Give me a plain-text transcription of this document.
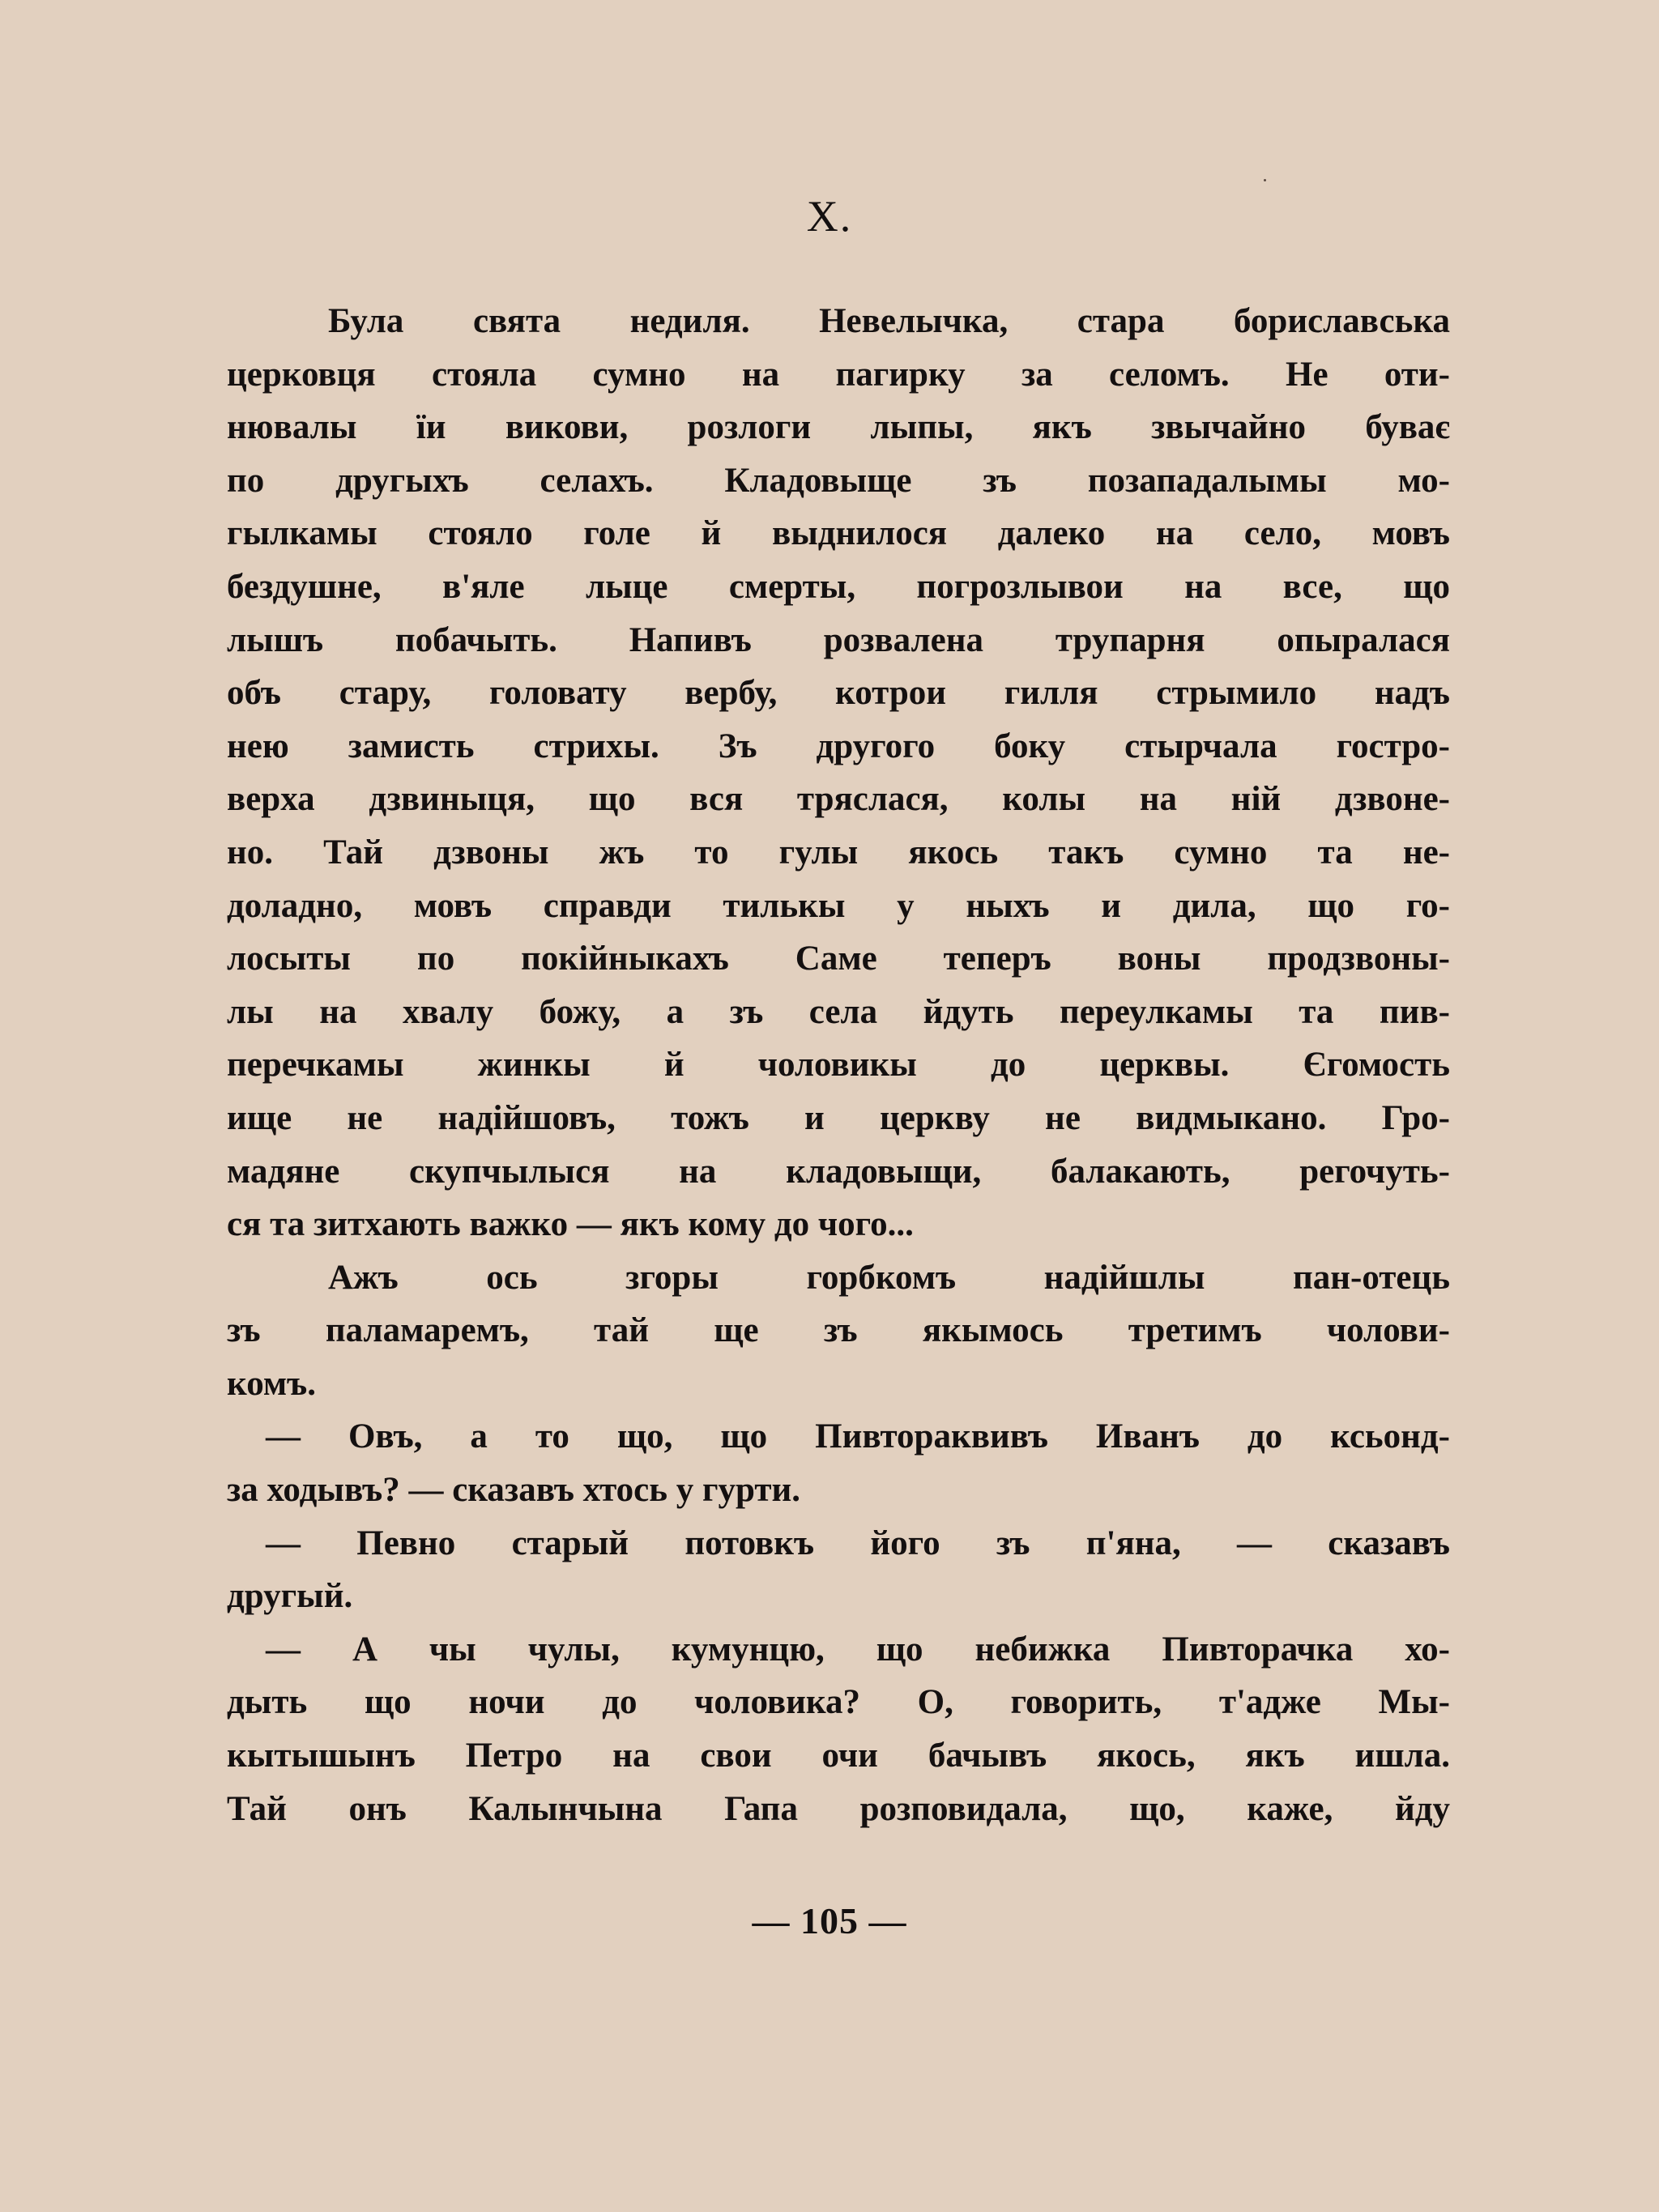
X.
Була свята недиля. Невелычка, стара бориславська
церковця стояла сумно на пагирку за селомъ. Не оти-
нювалы їи викови, розлоги лыпы, якъ звычайно буває
по другыхъ селахъ. Кладовыще зъ позападалымы мо-
гылкамы стояло голе й выднилося далеко на село, мовъ
бездушне, в'яле лыце смерты, погрозлывои на все, що
лышъ побачыть. Напивъ розвалена трупарня опыралася
объ стару, головату вербу, котрои гилля стрымило надъ
нею замисть стрихы. Зъ другого боку стырчала гостро-
верха дзвиныця, що вся тряслася, колы на ній дзвоне-
но. Тай дзвоны жъ то гулы якось такъ сумно та не-
доладно, мовъ справди тилькы у ныхъ и дила, що го-
лосыты по покійныкахъ Саме теперъ воны продзвоны-
лы на хвалу божу, а зъ села йдуть переулкамы та пив-
перечкамы жинкы й чоловикы до церквы. Єгомость
ище не надійшовъ, тожъ и церкву не видмыкано. Гро-
мадяне скупчылыся на кладовыщи, балакають, регочуть-
ся та зитхають важко — якъ кому до чого...
Ажъ ось згоры горбкомъ надійшлы пан-отець
зъ паламаремъ, тай ще зъ якымось третимъ чолови-
комъ.
— Овъ, а то що, що Пивтораквивъ Иванъ до ксьонд-
за ходывъ? — сказавъ хтось у гурти.
— Певно старый потовкъ його зъ п'яна, — сказавъ
другый.
— А чы чулы, кумунцю, що небижка Пивторачка хо-
дыть що ночи до чоловика? О, говорить, т'адже Мы-
кытышынъ Петро на свои очи бачывъ якось, якъ ишла.
Тай онъ Калынчына Гапа розповидала, що, каже, йду
— 105 —
